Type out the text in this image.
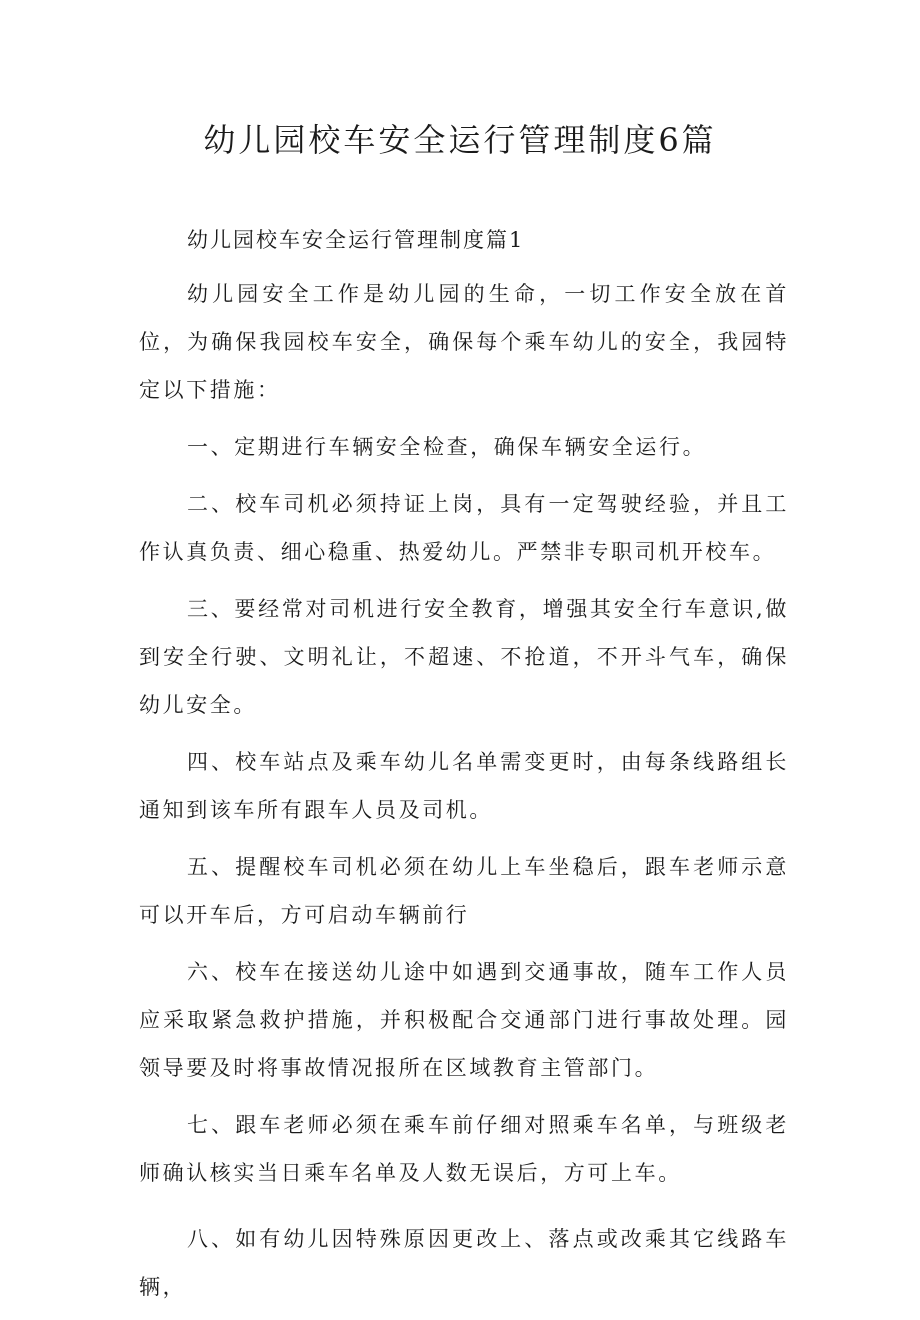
幼儿园校车安全运行管理制度6篇

幼儿园校车安全运行管理制度篇1

幼儿园安全工作是幼儿园的生命，一切工作安全放在首位，为确保我园校车安全，确保每个乘车幼儿的安全，我园特定以下措施：

一、定期进行车辆安全检查，确保车辆安全运行。

二、校车司机必须持证上岗，具有一定驾驶经验，并且工作认真负责、细心稳重、热爱幼儿。严禁非专职司机开校车。

三、要经常对司机进行安全教育，增强其安全行车意识,做到安全行驶、文明礼让，不超速、不抢道，不开斗气车，确保幼儿安全。

四、校车站点及乘车幼儿名单需变更时，由每条线路组长通知到该车所有跟车人员及司机。

五、提醒校车司机必须在幼儿上车坐稳后，跟车老师示意可以开车后，方可启动车辆前行

六、校车在接送幼儿途中如遇到交通事故，随车工作人员应采取紧急救护措施，并积极配合交通部门进行事故处理。园领导要及时将事故情况报所在区域教育主管部门。

七、跟车老师必须在乘车前仔细对照乘车名单，与班级老师确认核实当日乘车名单及人数无误后，方可上车。

八、如有幼儿因特殊原因更改上、落点或改乘其它线路车辆，
